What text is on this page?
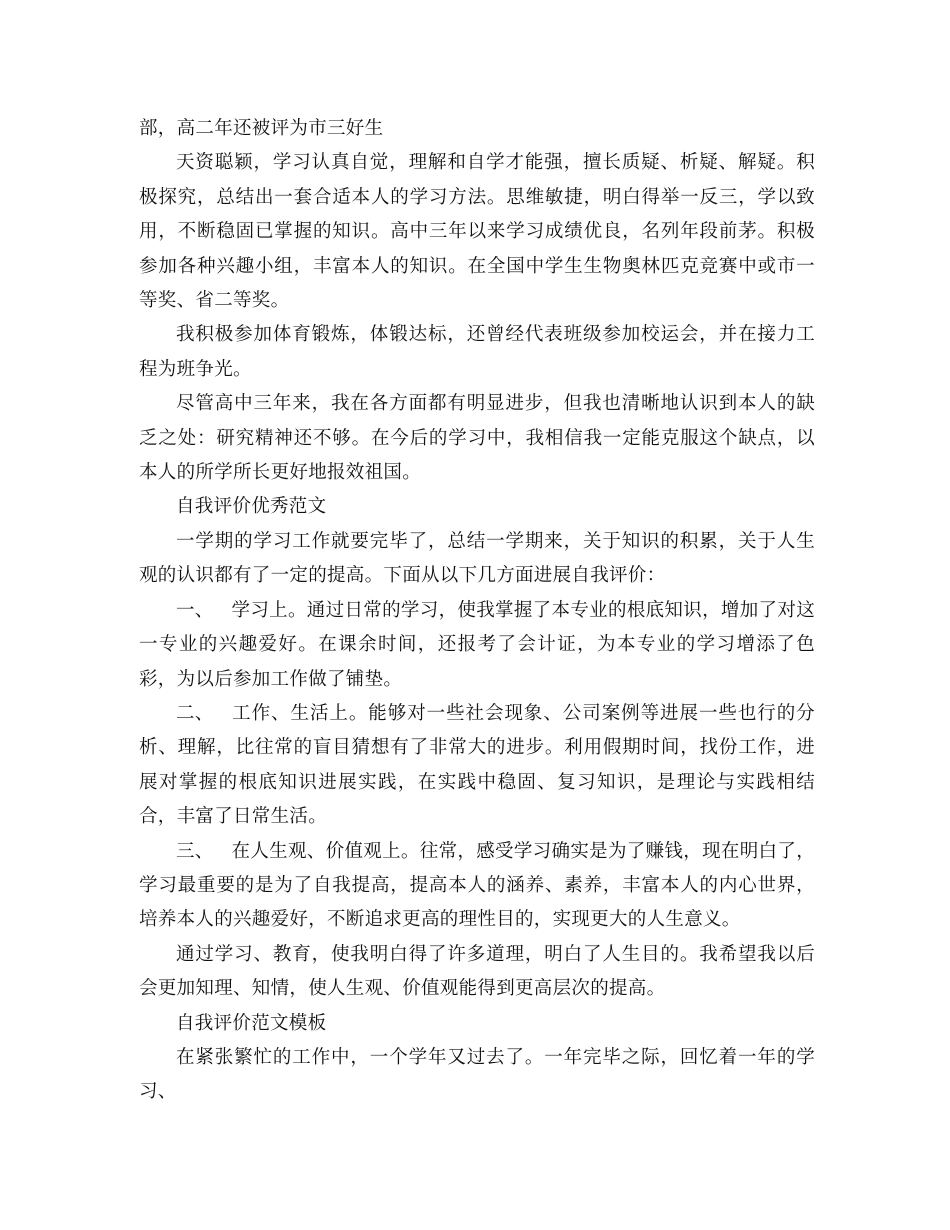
部，高二年还被评为市三好生

天资聪颖，学习认真自觉，理解和自学才能强，擅长质疑、析疑、解疑。积极探究，总结出一套合适本人的学习方法。思维敏捷，明白得举一反三，学以致用，不断稳固已掌握的知识。高中三年以来学习成绩优良，名列年段前茅。积极参加各种兴趣小组，丰富本人的知识。在全国中学生生物奥林匹克竞赛中或市一等奖、省二等奖。

我积极参加体育锻炼，体锻达标，还曾经代表班级参加校运会，并在接力工程为班争光。

尽管高中三年来，我在各方面都有明显进步，但我也清晰地认识到本人的缺乏之处：研究精神还不够。在今后的学习中，我相信我一定能克服这个缺点，以本人的所学所长更好地报效祖国。

自我评价优秀范文

一学期的学习工作就要完毕了，总结一学期来，关于知识的积累，关于人生观的认识都有了一定的提高。下面从以下几方面进展自我评价：

一、 学习上。通过日常的学习，使我掌握了本专业的根底知识，增加了对这一专业的兴趣爱好。在课余时间，还报考了会计证，为本专业的学习增添了色彩，为以后参加工作做了铺垫。

二、 工作、生活上。能够对一些社会现象、公司案例等进展一些也行的分析、理解，比往常的盲目猜想有了非常大的进步。利用假期时间，找份工作，进展对掌握的根底知识进展实践，在实践中稳固、复习知识，是理论与实践相结合，丰富了日常生活。

三、 在人生观、价值观上。往常，感受学习确实是为了赚钱，现在明白了，学习最重要的是为了自我提高，提高本人的涵养、素养，丰富本人的内心世界，培养本人的兴趣爱好，不断追求更高的理性目的，实现更大的人生意义。

通过学习、教育，使我明白得了许多道理，明白了人生目的。我希望我以后会更加知理、知情，使人生观、价值观能得到更高层次的提高。

自我评价范文模板

在紧张繁忙的工作中，一个学年又过去了。一年完毕之际，回忆着一年的学习、
